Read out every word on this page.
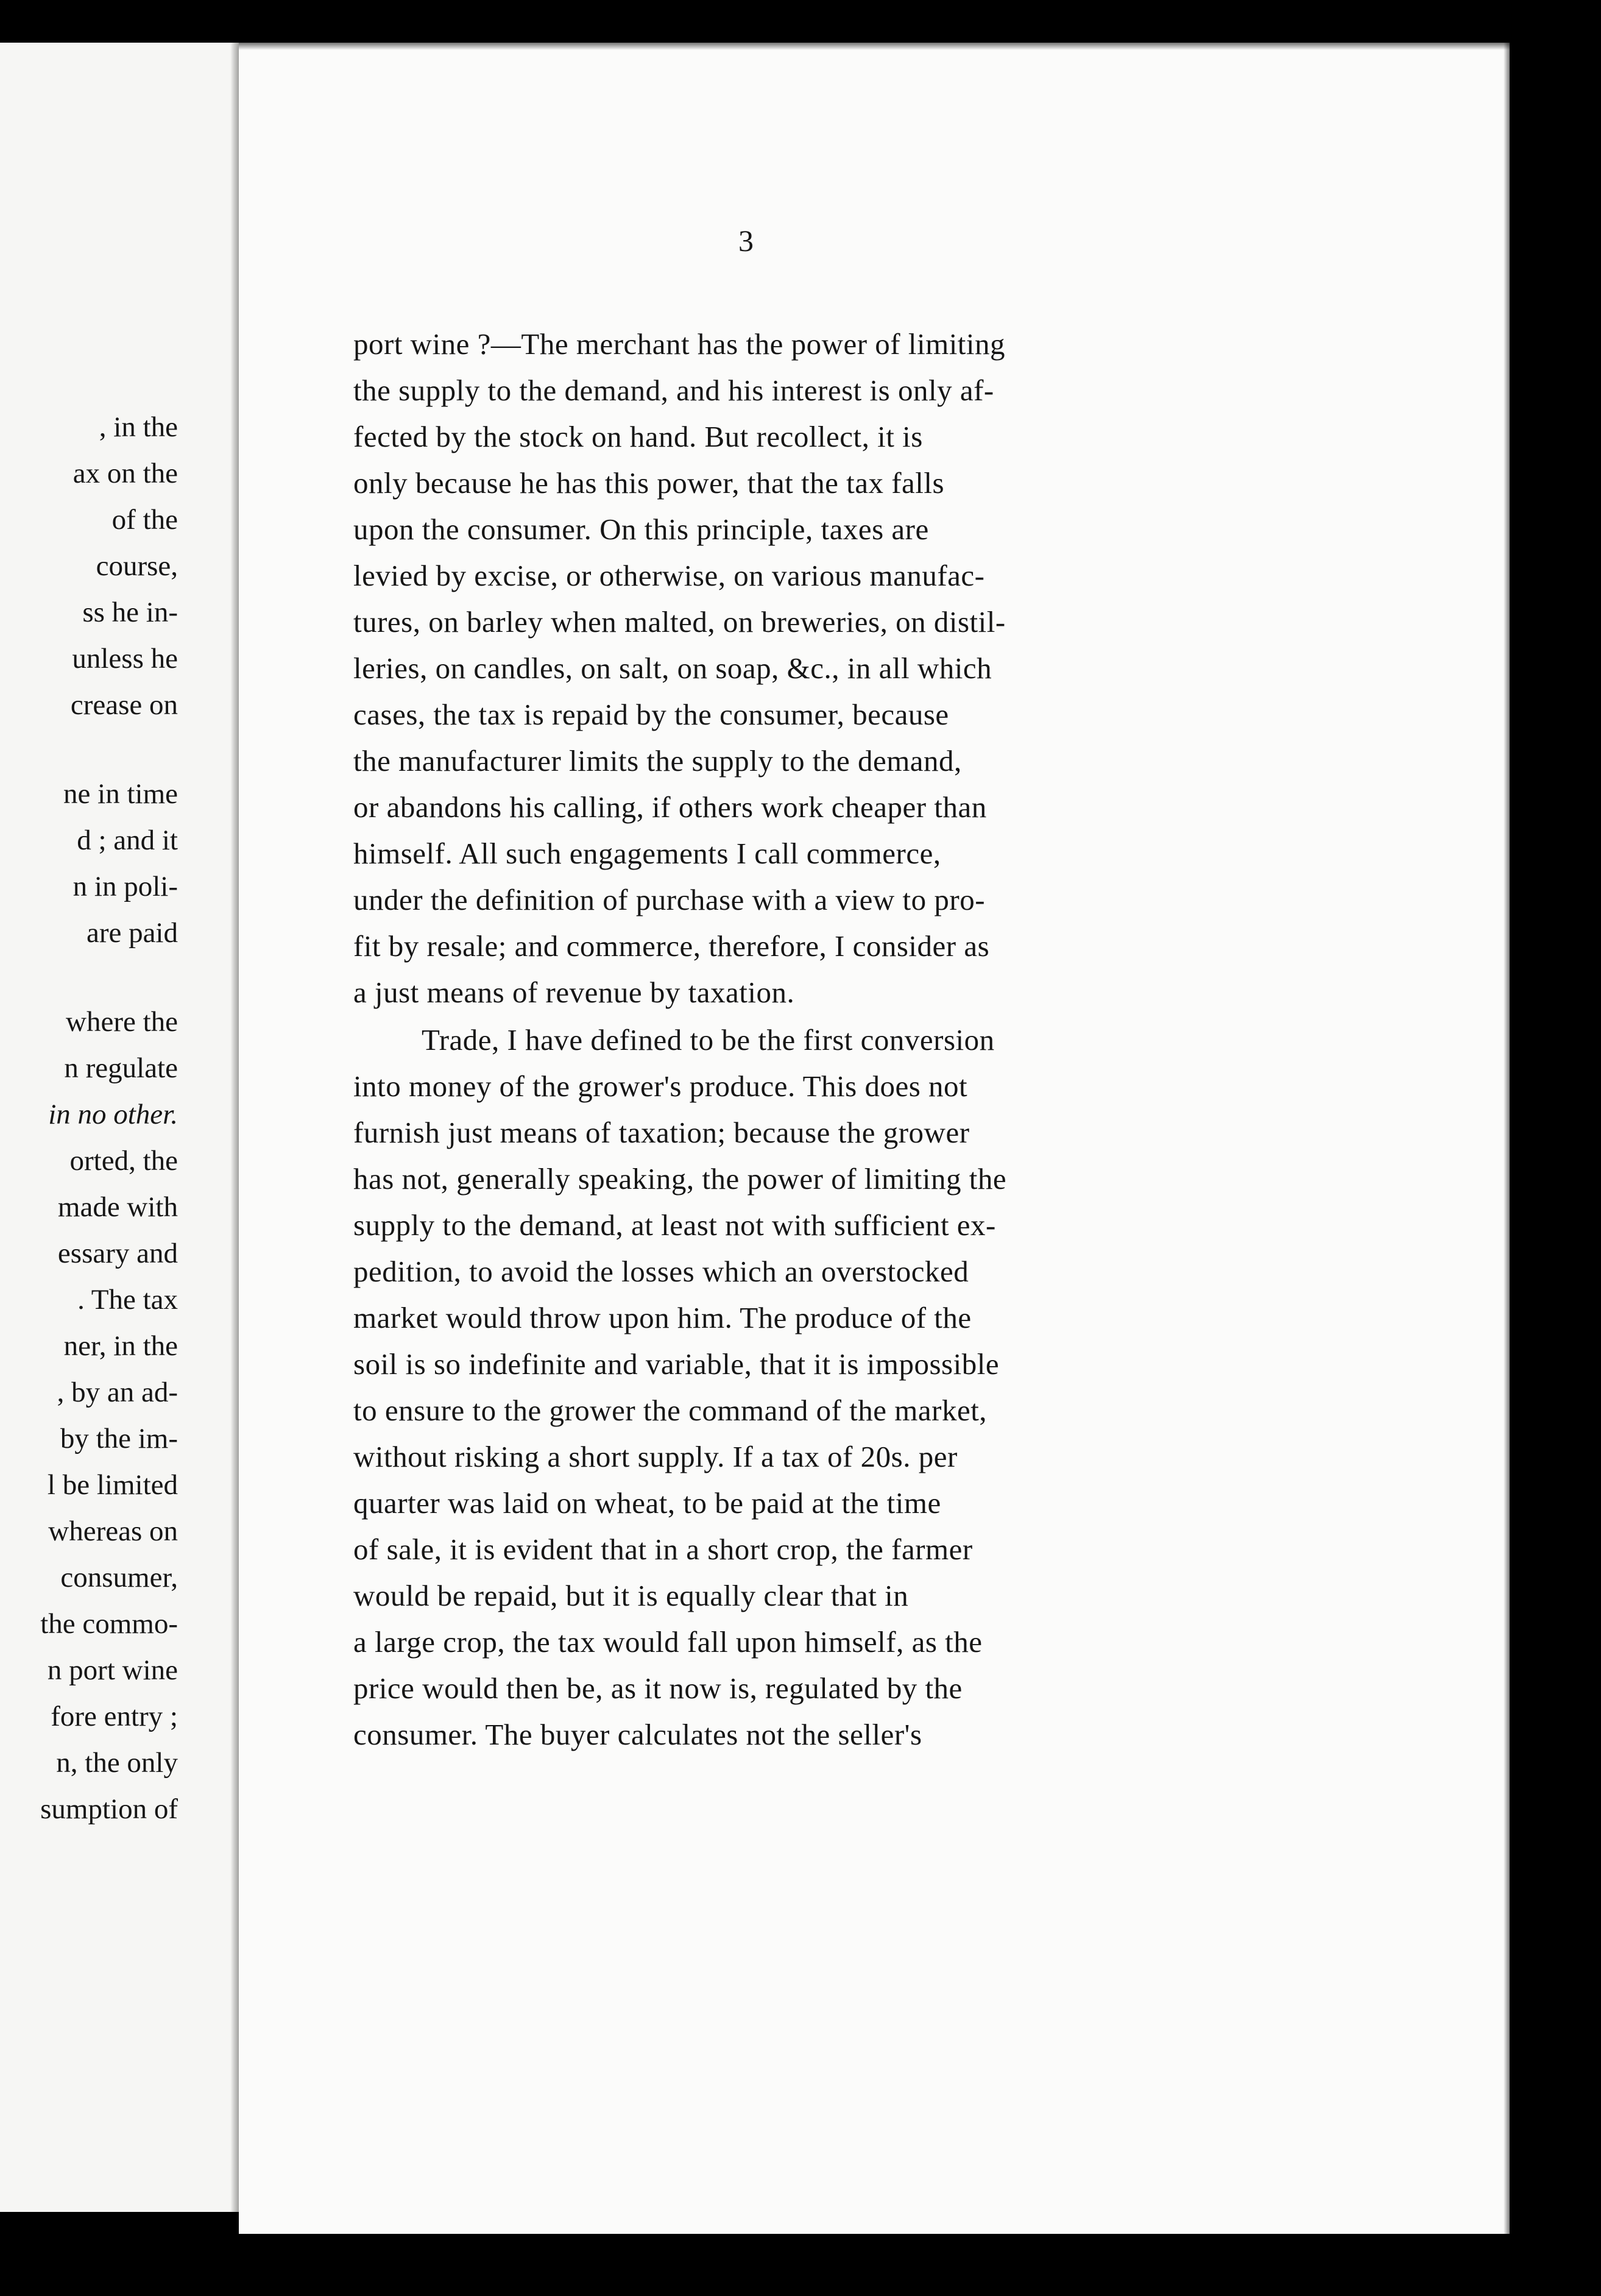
, in the
ax on the
of the
course,
ss he in-
unless he
crease on
ne in time
d ; and it
n in poli-
are paid
where the
n regulate
in no other.
orted, the
made with
essary and
. The tax
ner, in the
, by an ad-
by the im-
l be limited
whereas on
consumer,
the commo-
n port wine
fore entry ;
n, the only
sumption of
3
port wine ?—The merchant has the power of limiting
the supply to the demand, and his interest is only af-
fected by the stock on hand. But recollect, it is
only because he has this power, that the tax falls
upon the consumer. On this principle, taxes are
levied by excise, or otherwise, on various manufac-
tures, on barley when malted, on breweries, on distil-
leries, on candles, on salt, on soap, &c., in all which
cases, the tax is repaid by the consumer, because
the manufacturer limits the supply to the demand,
or abandons his calling, if others work cheaper than
himself. All such engagements I call commerce,
under the definition of purchase with a view to pro-
fit by resale; and commerce, therefore, I consider as
a just means of revenue by taxation.
Trade, I have defined to be the first conversion
into money of the grower's produce. This does not
furnish just means of taxation; because the grower
has not, generally speaking, the power of limiting the
supply to the demand, at least not with sufficient ex-
pedition, to avoid the losses which an overstocked
market would throw upon him. The produce of the
soil is so indefinite and variable, that it is impossible
to ensure to the grower the command of the market,
without risking a short supply. If a tax of 20s. per
quarter was laid on wheat, to be paid at the time
of sale, it is evident that in a short crop, the farmer
would be repaid, but it is equally clear that in
a large crop, the tax would fall upon himself, as the
price would then be, as it now is, regulated by the
consumer. The buyer calculates not the seller's
